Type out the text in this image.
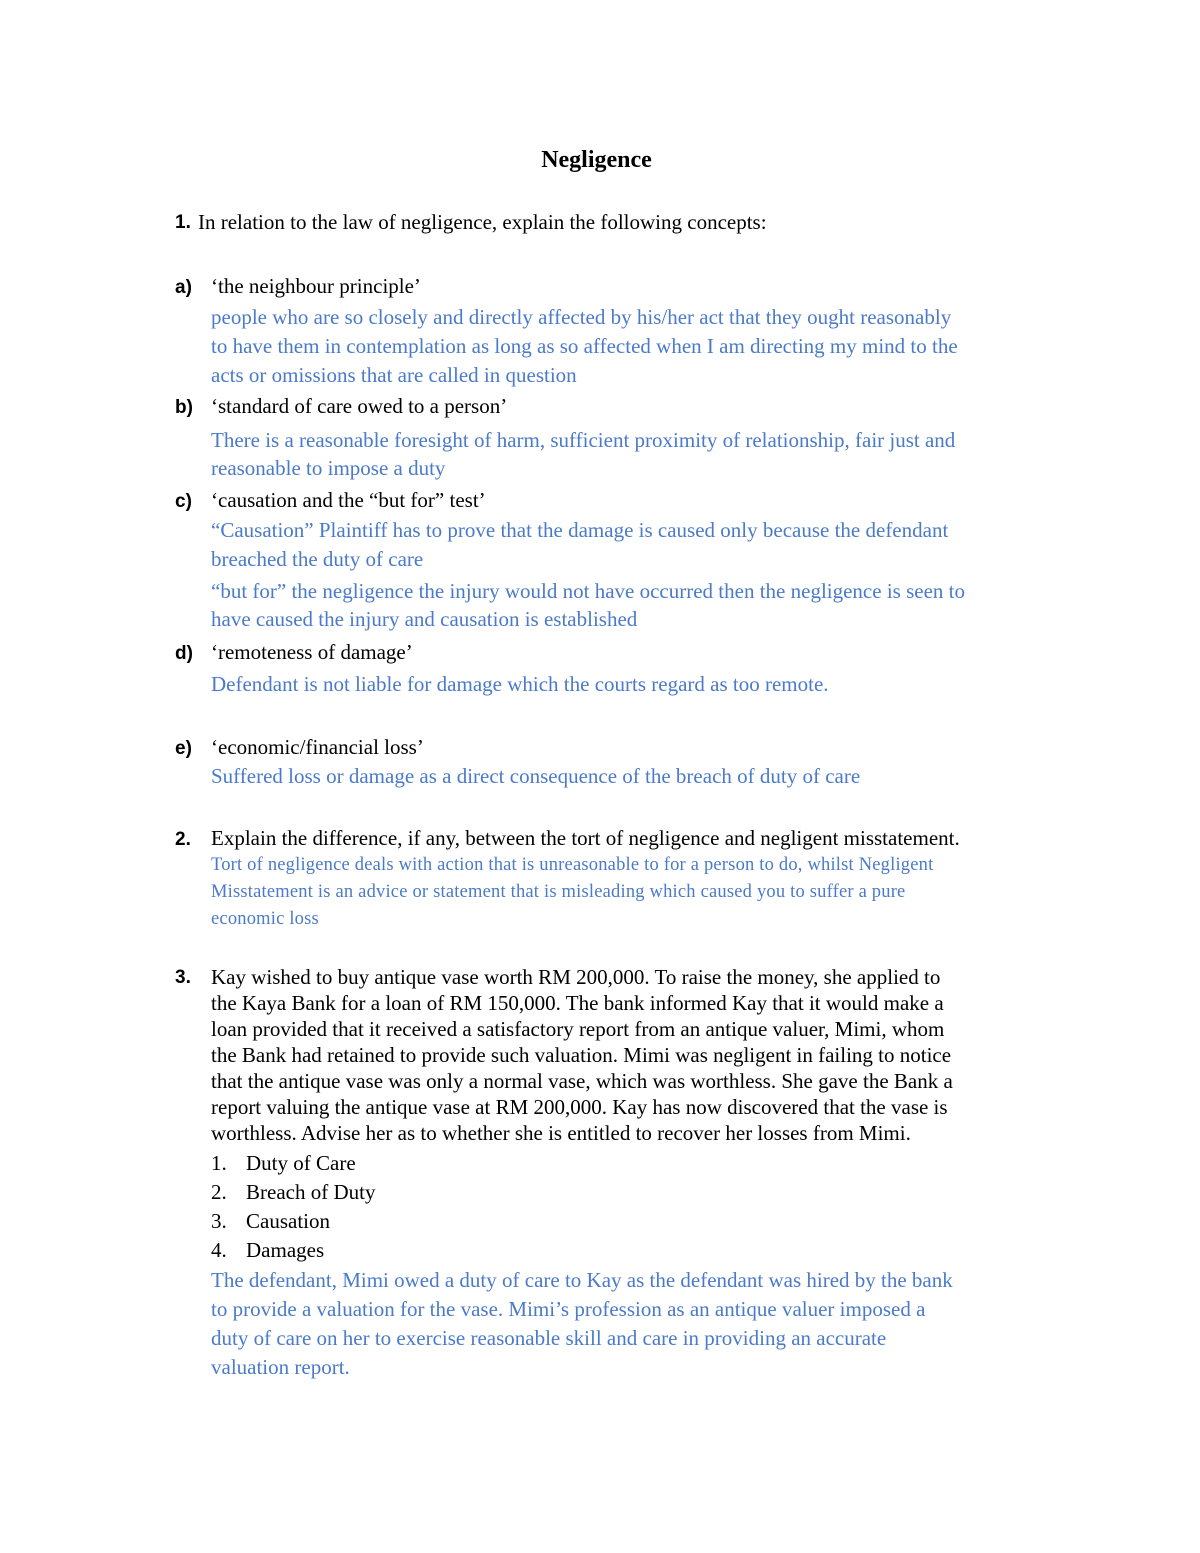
Negligence
1. In relation to the law of negligence, explain the following concepts:
a) ‘the neighbour principle’
people who are so closely and directly affected by his/her act that they ought reasonably
to have them in contemplation as long as so affected when I am directing my mind to the
acts or omissions that are called in question
b) ‘standard of care owed to a person’
There is a reasonable foresight of harm, sufficient proximity of relationship, fair just and
reasonable to impose a duty
c) ‘causation and the “but for” test’
“Causation” Plaintiff has to prove that the damage is caused only because the defendant
breached the duty of care
“but for” the negligence the injury would not have occurred then the negligence is seen to
have caused the injury and causation is established
d) ‘remoteness of damage’
Defendant is not liable for damage which the courts regard as too remote.
e) ‘economic/financial loss’
Suffered loss or damage as a direct consequence of the breach of duty of care
2. Explain the difference, if any, between the tort of negligence and negligent misstatement.
Tort of negligence deals with action that is unreasonable to for a person to do, whilst Negligent
Misstatement is an advice or statement that is misleading which caused you to suffer a pure
economic loss
3. Kay wished to buy antique vase worth RM 200,000. To raise the money, she applied to
the Kaya Bank for a loan of RM 150,000. The bank informed Kay that it would make a
loan provided that it received a satisfactory report from an antique valuer, Mimi, whom
the Bank had retained to provide such valuation. Mimi was negligent in failing to notice
that the antique vase was only a normal vase, which was worthless. She gave the Bank a
report valuing the antique vase at RM 200,000. Kay has now discovered that the vase is
worthless. Advise her as to whether she is entitled to recover her losses from Mimi.
1. Duty of Care
2. Breach of Duty
3. Causation
4. Damages
The defendant, Mimi owed a duty of care to Kay as the defendant was hired by the bank
to provide a valuation for the vase. Mimi’s profession as an antique valuer imposed a
duty of care on her to exercise reasonable skill and care in providing an accurate
valuation report.
